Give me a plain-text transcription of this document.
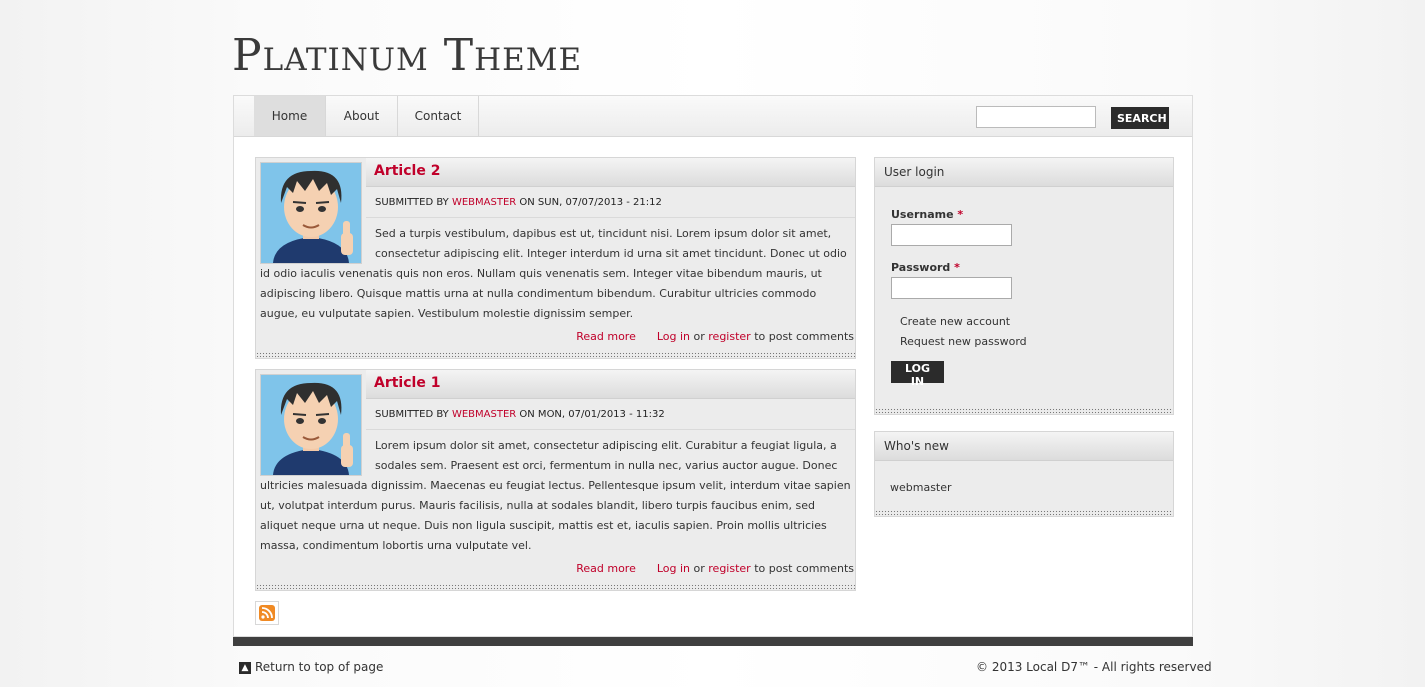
Platinum Theme
Home	About	Contact	SEARCH
Article 2
SUBMITTED BY WEBMASTER ON SUN, 07/07/2013 - 21:12

Sed a turpis vestibulum, dapibus est ut, tincidunt nisi. Lorem ipsum dolor sit amet, consectetur adipiscing elit. Integer interdum id urna sit amet tincidunt. Donec ut odio id odio iaculis venenatis quis non eros. Nullam quis venenatis sem. Integer vitae bibendum mauris, ut adipiscing libero. Quisque mattis urna at nulla condimentum bibendum. Curabitur ultricies commodo augue, eu vulputate sapien. Vestibulum molestie dignissim semper.

Read more Log in or register to post comments
Article 1
SUBMITTED BY WEBMASTER ON MON, 07/01/2013 - 11:32

Lorem ipsum dolor sit amet, consectetur adipiscing elit. Curabitur a feugiat ligula, a sodales sem. Praesent est orci, fermentum in nulla nec, varius auctor augue. Donec ultricies malesuada dignissim. Maecenas eu feugiat lectus. Pellentesque ipsum velit, interdum vitae sapien ut, volutpat interdum purus. Mauris facilisis, nulla at sodales blandit, libero turpis faucibus enim, sed aliquet neque urna ut neque. Duis non ligula suscipit, mattis est et, iaculis sapien. Proin mollis ultricies massa, condimentum lobortis urna vulputate vel.

Read more Log in or register to post comments
User login
Username *
Password *
Create new account
Request new password
LOG IN
Who's new
webmaster
▲ Return to top of page	© 2013 Local D7™ - All rights reserved
